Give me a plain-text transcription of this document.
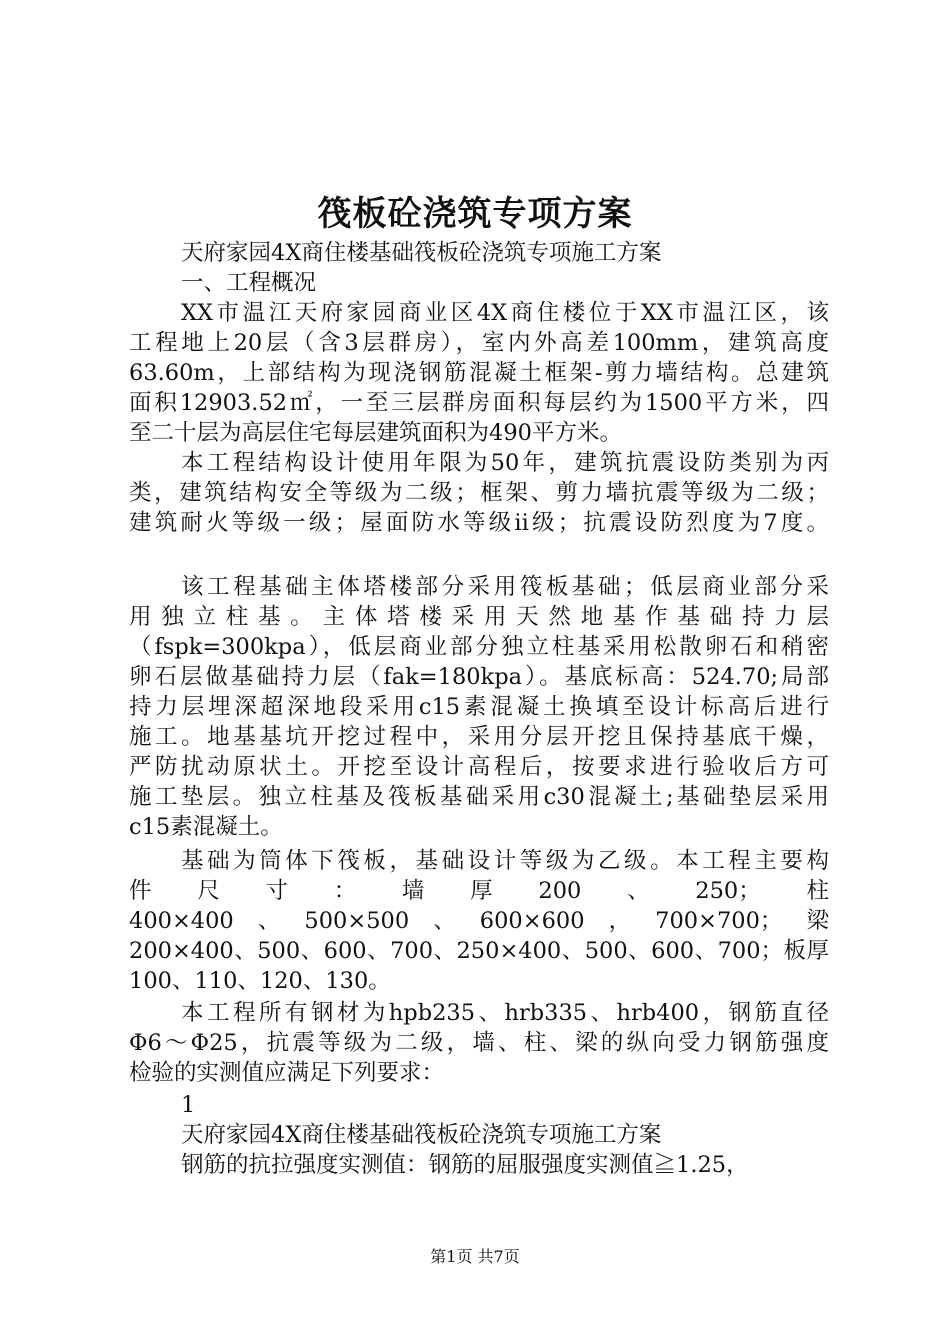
筏板砼浇筑专项方案

天府家园4X商住楼基础筏板砼浇筑专项施工方案

一、工程概况

XX市温江天府家园商业区4X商住楼位于XX市温江区，该

工程地上20层（含3层群房），室内外高差100mm，建筑高度

63.60m，上部结构为现浇钢筋混凝土框架-剪力墙结构。总建筑

面积12903.52㎡，一至三层群房面积每层约为1500平方米，四

至二十层为高层住宅每层建筑面积为490平方米。

本工程结构设计使用年限为50年，建筑抗震设防类别为丙

类，建筑结构安全等级为二级；框架、剪力墙抗震等级为二级；

建筑耐火等级一级；屋面防水等级ii级；抗震设防烈度为7度。

该工程基础主体塔楼部分采用筏板基础；低层商业部分采

用独立柱基。主体塔楼采用天然地基作基础持力层

（fspk=300kpa），低层商业部分独立柱基采用松散卵石和稍密

卵石层做基础持力层（fak=180kpa）。基底标高：524.70;局部

持力层埋深超深地段采用c15素混凝土换填至设计标高后进行

施工。地基基坑开挖过程中，采用分层开挖且保持基底干燥，

严防扰动原状土。开挖至设计高程后，按要求进行验收后方可

施工垫层。独立柱基及筏板基础采用c30混凝土;基础垫层采用

c15素混凝土。

基础为筒体下筏板，基础设计等级为乙级。本工程主要构

件尺寸：墙厚200、250；柱

400×400、500×500、600×600，700×700；梁

200×400、500、600、700、250×400、500、600、700；板厚

100、110、120、130。

本工程所有钢材为hpb235、hrb335、hrb400，钢筋直径

Φ6～Φ25，抗震等级为二级，墙、柱、梁的纵向受力钢筋强度

检验的实测值应满足下列要求：

1

天府家园4X商住楼基础筏板砼浇筑专项施工方案

钢筋的抗拉强度实测值：钢筋的屈服强度实测值≧1.25，

第1页 共7页
